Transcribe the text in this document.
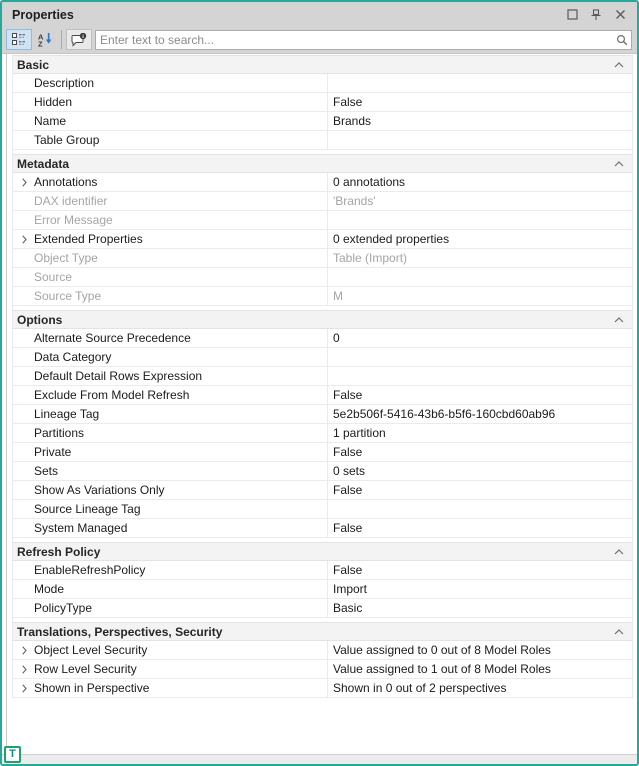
Properties
A
Z
i
Enter text to search...
Basic
Description
Hidden	False
Name	Brands
Table Group
Metadata
Annotations	0 annotations
DAX identifier	'Brands'
Error Message
Extended Properties	0 extended properties
Object Type	Table (Import)
Source
Source Type	M
Options
Alternate Source Precedence	0
Data Category
Default Detail Rows Expression
Exclude From Model Refresh	False
Lineage Tag	5e2b506f-5416-43b6-b5f6-160cbd60ab96
Partitions	1 partition
Private	False
Sets	0 sets
Show As Variations Only	False
Source Lineage Tag
System Managed	False
Refresh Policy
EnableRefreshPolicy	False
Mode	Import
PolicyType	Basic
Translations, Perspectives, Security
Object Level Security	Value assigned to 0 out of 8 Model Roles
Row Level Security	Value assigned to 1 out of 8 Model Roles
Shown in Perspective	Shown in 0 out of 2 perspectives
T
